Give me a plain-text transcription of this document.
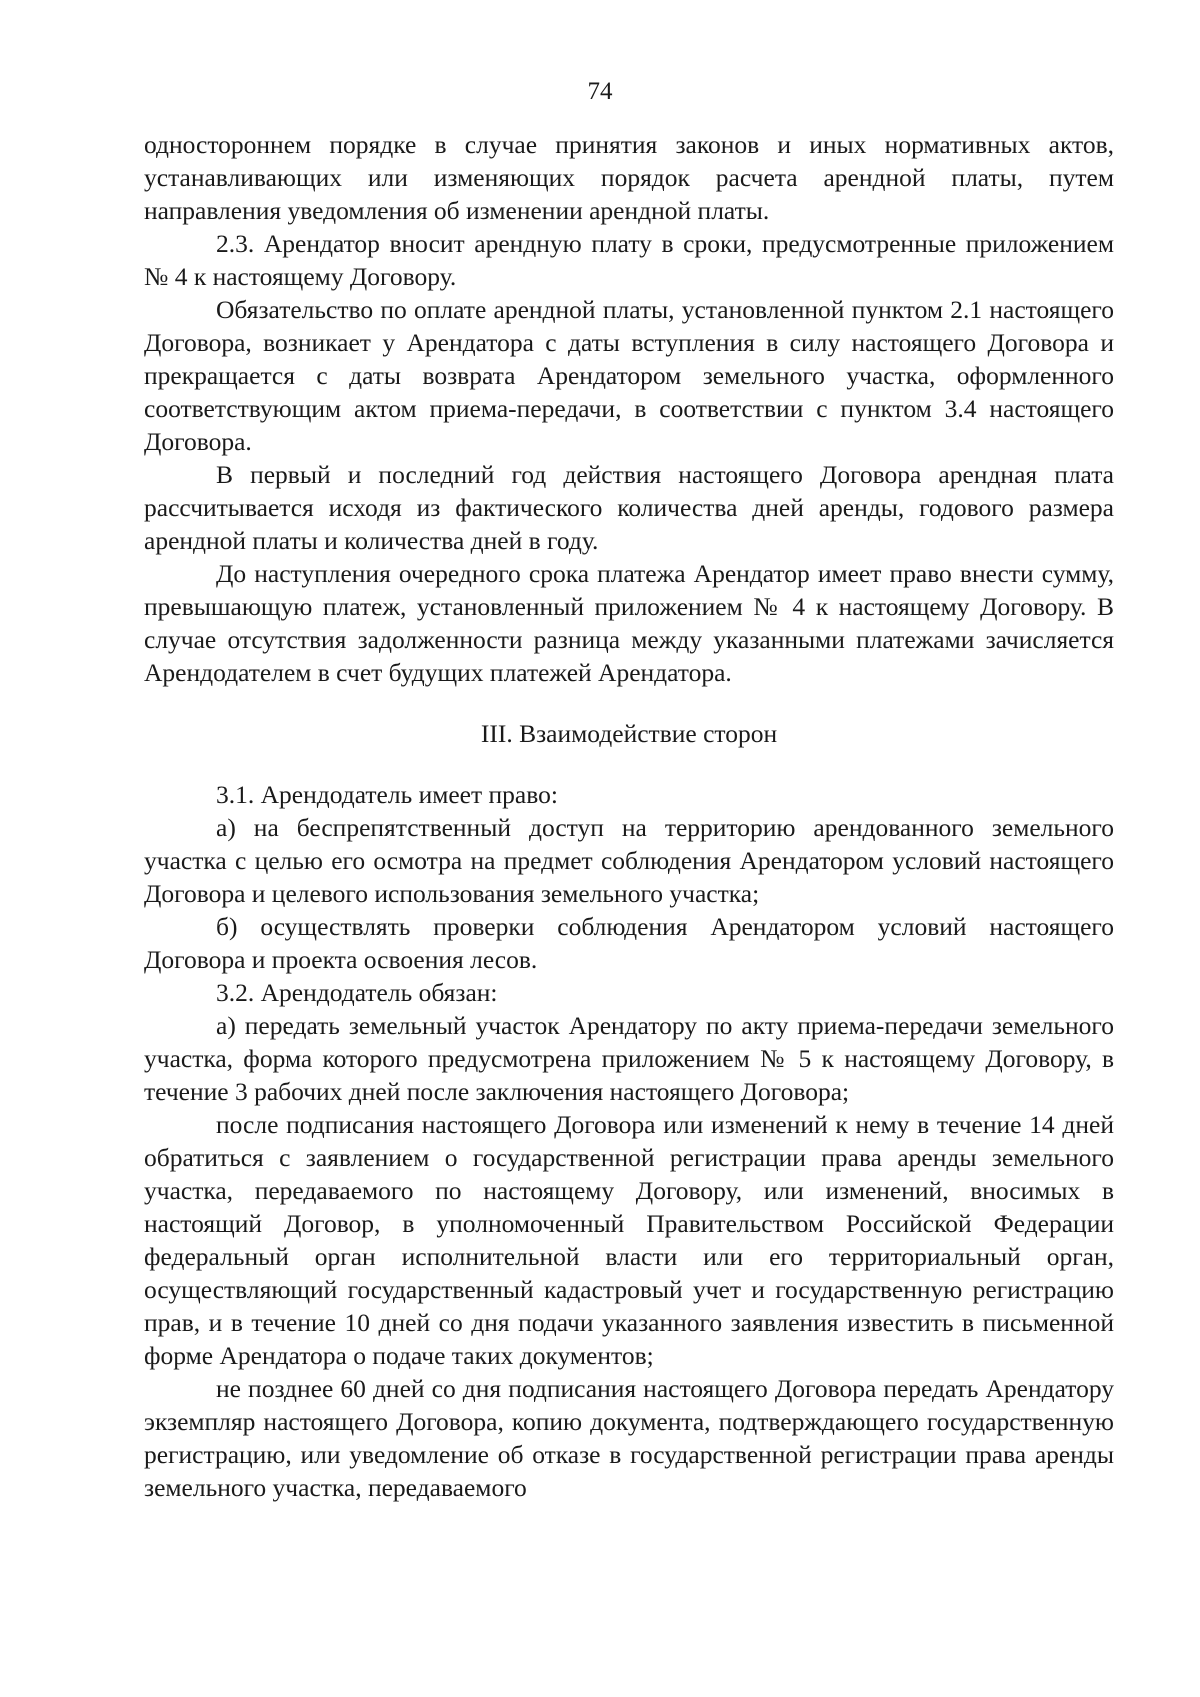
74

одностороннем порядке в случае принятия законов и иных нормативных актов, устанавливающих или изменяющих порядок расчета арендной платы, путем направления уведомления об изменении арендной платы.

2.3. Арендатор вносит арендную плату в сроки, предусмотренные приложением № 4 к настоящему Договору.

Обязательство по оплате арендной платы, установленной пунктом 2.1 настоящего Договора, возникает у Арендатора с даты вступления в силу настоящего Договора и прекращается с даты возврата Арендатором земельного участка, оформленного соответствующим актом приема-передачи, в соответствии с пунктом 3.4 настоящего Договора.

В первый и последний год действия настоящего Договора арендная плата рассчитывается исходя из фактического количества дней аренды, годового размера арендной платы и количества дней в году.

До наступления очередного срока платежа Арендатор имеет право внести сумму, превышающую платеж, установленный приложением № 4 к настоящему Договору. В случае отсутствия задолженности разница между указанными платежами зачисляется Арендодателем в счет будущих платежей Арендатора.

III. Взаимодействие сторон

3.1. Арендодатель имеет право:

а) на беспрепятственный доступ на территорию арендованного земельного участка с целью его осмотра на предмет соблюдения Арендатором условий настоящего Договора и целевого использования земельного участка;

б) осуществлять проверки соблюдения Арендатором условий настоящего Договора и проекта освоения лесов.

3.2. Арендодатель обязан:

а) передать земельный участок Арендатору по акту приема-передачи земельного участка, форма которого предусмотрена приложением № 5 к настоящему Договору, в течение 3 рабочих дней после заключения настоящего Договора;

после подписания настоящего Договора или изменений к нему в течение 14 дней обратиться с заявлением о государственной регистрации права аренды земельного участка, передаваемого по настоящему Договору, или изменений, вносимых в настоящий Договор, в уполномоченный Правительством Российской Федерации федеральный орган исполнительной власти или его территориальный орган, осуществляющий государственный кадастровый учет и государственную регистрацию прав, и в течение 10 дней со дня подачи указанного заявления известить в письменной форме Арендатора о подаче таких документов;

не позднее 60 дней со дня подписания настоящего Договора передать Арендатору экземпляр настоящего Договора, копию документа, подтверждающего государственную регистрацию, или уведомление об отказе в государственной регистрации права аренды земельного участка, передаваемого
